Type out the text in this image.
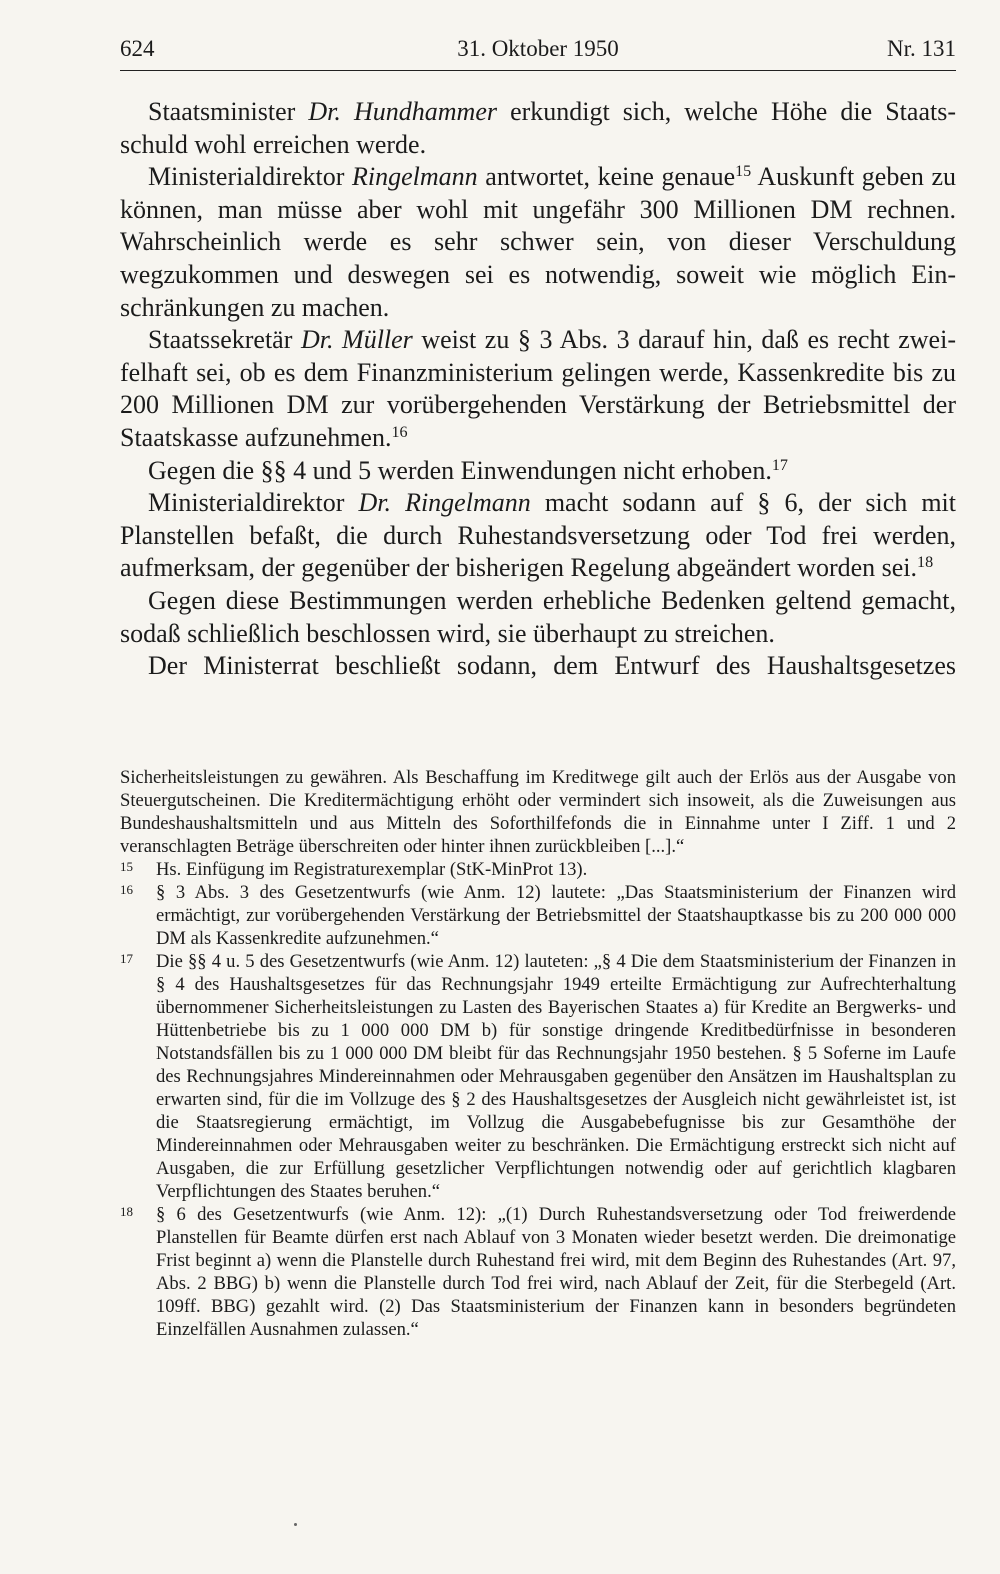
624	31. Oktober 1950	Nr. 131

Staatsminister Dr. Hundhammer erkundigt sich, welche Höhe die Staatsschuld wohl erreichen werde.

Ministerialdirektor Ringelmann antwortet, keine genaue$^{15}$ Auskunft geben zu können, man müsse aber wohl mit ungefähr 300 Millionen DM rechnen. Wahrscheinlich werde es sehr schwer sein, von dieser Verschuldung wegzukommen und deswegen sei es notwendig, soweit wie möglich Einschränkungen zu machen.

Staatssekretär Dr. Müller weist zu § 3 Abs. 3 darauf hin, daß es recht zweifelhaft sei, ob es dem Finanzministerium gelingen werde, Kassenkredite bis zu 200 Millionen DM zur vorübergehenden Verstärkung der Betriebsmittel der Staatskasse aufzunehmen.$^{16}$

Gegen die §§ 4 und 5 werden Einwendungen nicht erhoben.$^{17}$

Ministerialdirektor Dr. Ringelmann macht sodann auf § 6, der sich mit Planstellen befaßt, die durch Ruhestandsversetzung oder Tod frei werden, aufmerksam, der gegenüber der bisherigen Regelung abgeändert worden sei.$^{18}$

Gegen diese Bestimmungen werden erhebliche Bedenken geltend gemacht, sodaß schließlich beschlossen wird, sie überhaupt zu streichen.

Der Ministerrat beschließt sodann, dem Entwurf des Haushaltsgesetzes

Sicherheitsleistungen zu gewähren. Als Beschaffung im Kreditwege gilt auch der Erlös aus der Ausgabe von Steuergutscheinen. Die Kreditermächtigung erhöht oder vermindert sich insoweit, als die Zuweisungen aus Bundeshaushaltsmitteln und aus Mitteln des Soforthilfefonds die in Einnahme unter I Ziff. 1 und 2 veranschlagten Beträge überschreiten oder hinter ihnen zurückbleiben [...].“

15 Hs. Einfügung im Registraturexemplar (StK-MinProt 13).
16 § 3 Abs. 3 des Gesetzentwurfs (wie Anm. 12) lautete: „Das Staatsministerium der Finanzen wird ermächtigt, zur vorübergehenden Verstärkung der Betriebsmittel der Staatshauptkasse bis zu 200 000 000 DM als Kassenkredite aufzunehmen.“
17 Die §§ 4 u. 5 des Gesetzentwurfs (wie Anm. 12) lauteten: „§ 4 Die dem Staatsministerium der Finanzen in § 4 des Haushaltsgesetzes für das Rechnungsjahr 1949 erteilte Ermächtigung zur Aufrechterhaltung übernommener Sicherheitsleistungen zu Lasten des Bayerischen Staates a) für Kredite an Bergwerks- und Hüttenbetriebe bis zu 1 000 000 DM b) für sonstige dringende Kreditbedürfnisse in besonderen Notstandsfällen bis zu 1 000 000 DM bleibt für das Rechnungsjahr 1950 bestehen. § 5 Soferne im Laufe des Rechnungsjahres Mindereinnahmen oder Mehrausgaben gegenüber den Ansätzen im Haushaltsplan zu erwarten sind, für die im Vollzuge des § 2 des Haushaltsgesetzes der Ausgleich nicht gewährleistet ist, ist die Staatsregierung ermächtigt, im Vollzug die Ausgabebefugnisse bis zur Gesamthöhe der Mindereinnahmen oder Mehrausgaben weiter zu beschränken. Die Ermächtigung erstreckt sich nicht auf Ausgaben, die zur Erfüllung gesetzlicher Verpflichtungen notwendig oder auf gerichtlich klagbaren Verpflichtungen des Staates beruhen.“
18 § 6 des Gesetzentwurfs (wie Anm. 12): „(1) Durch Ruhestandsversetzung oder Tod freiwerdende Planstellen für Beamte dürfen erst nach Ablauf von 3 Monaten wieder besetzt werden. Die dreimonatige Frist beginnt a) wenn die Planstelle durch Ruhestand frei wird, mit dem Beginn des Ruhestandes (Art. 97, Abs. 2 BBG) b) wenn die Planstelle durch Tod frei wird, nach Ablauf der Zeit, für die Sterbegeld (Art. 109ff. BBG) gezahlt wird. (2) Das Staatsministerium der Finanzen kann in besonders begründeten Einzelfällen Ausnahmen zulassen.“
